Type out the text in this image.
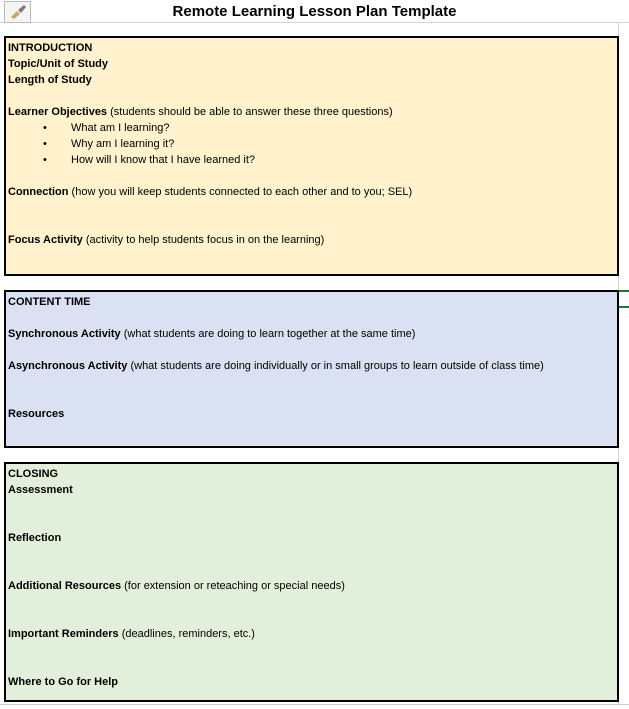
Remote Learning Lesson Plan Template
INTRODUCTION
Topic/Unit of Study
Length of Study
Learner Objectives (students should be able to answer these three questions)
• What am I learning?
• Why am I learning it?
• How will I know that I have learned it?
Connection (how you will keep students connected to each other and to you; SEL)
Focus Activity (activity to help students focus in on the learning)
CONTENT TIME
Synchronous Activity (what students are doing to learn together at the same time)
Asynchronous Activity (what students are doing individually or in small groups to learn outside of class time)
Resources
CLOSING
Assessment
Reflection
Additional Resources (for extension or reteaching or special needs)
Important Reminders (deadlines, reminders, etc.)
Where to Go for Help
